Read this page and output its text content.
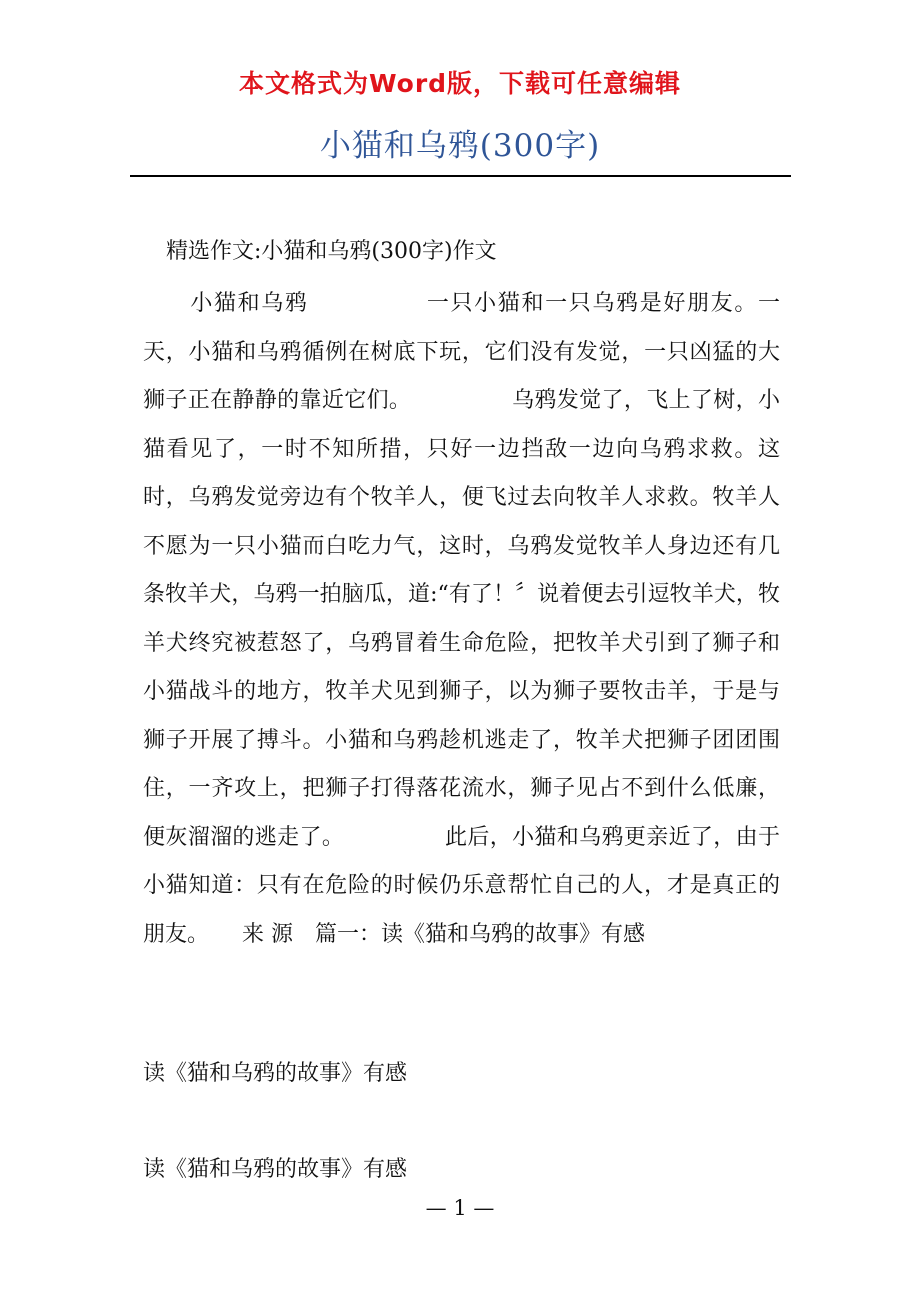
本文格式为Word版，下载可任意编辑
小猫和乌鸦(300字)
精选作文:小猫和乌鸦(300字)作文
　　小猫和乌鸦　　　　　一只小猫和一只乌鸦是好朋友。一天，小猫和乌鸦循例在树底下玩，它们没有发觉，一只凶猛的大狮子正在静静的靠近它们。　　　　　乌鸦发觉了，飞上了树，小猫看见了，一时不知所措，只好一边挡敌一边向乌鸦求救。这时，乌鸦发觉旁边有个牧羊人，便飞过去向牧羊人求救。牧羊人不愿为一只小猫而白吃力气，这时，乌鸦发觉牧羊人身边还有几条牧羊犬，乌鸦一拍脑瓜，道:“有了！〞说着便去引逗牧羊犬，牧羊犬终究被惹怒了，乌鸦冒着生命危险，把牧羊犬引到了狮子和小猫战斗的地方，牧羊犬见到狮子，以为狮子要牧击羊，于是与狮子开展了搏斗。小猫和乌鸦趁机逃走了，牧羊犬把狮子团团围住，一齐攻上，把狮子打得落花流水，狮子见占不到什么低廉，便灰溜溜的逃走了。　　　　　此后，小猫和乌鸦更亲近了，由于小猫知道：只有在危险的时候仍乐意帮忙自己的人，才是真正的朋友。　　来 源　篇一：读《猫和乌鸦的故事》有感
读《猫和乌鸦的故事》有感
读《猫和乌鸦的故事》有感
— 1 —
